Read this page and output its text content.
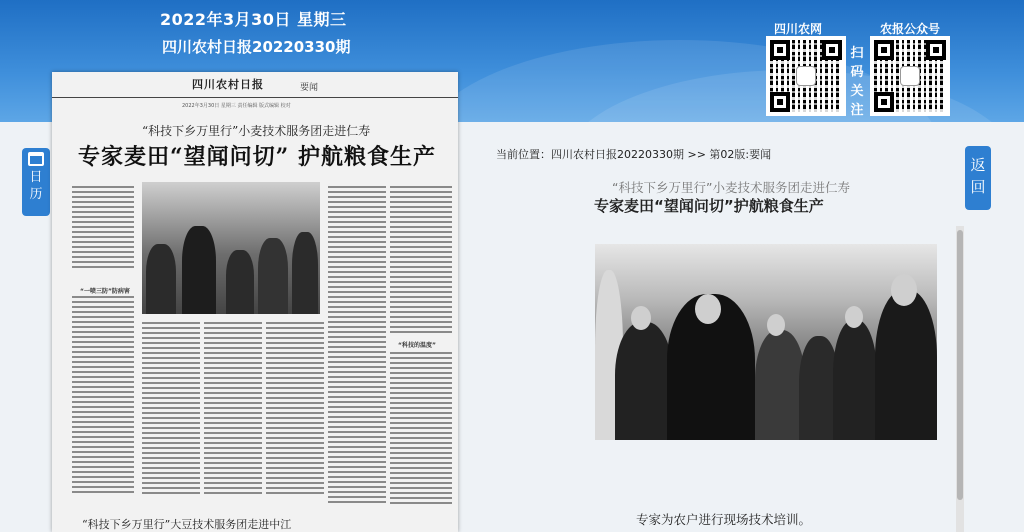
2022年3月30日 星期三
四川农村日报20220330期
四川农网
扫
码
关
注
农报公众号
日
历
返
回
四川农村日报	要闻
2022年3月30日 星期三 责任编辑 版式编辑 校对
“科技下乡万里行”小麦技术服务团走进仁寿
专家麦田“望闻问切” 护航粮食生产
“一喷三防”防病害
“科技的温度”
“科技下乡万里行”大豆技术服务团走进中江
当前位置：四川农村日报20220330期 >> 第02版:要闻
“科技下乡万里行”小麦技术服务团走进仁寿
专家麦田“望闻问切”护航粮食生产
专家为农户进行现场技术培训。
